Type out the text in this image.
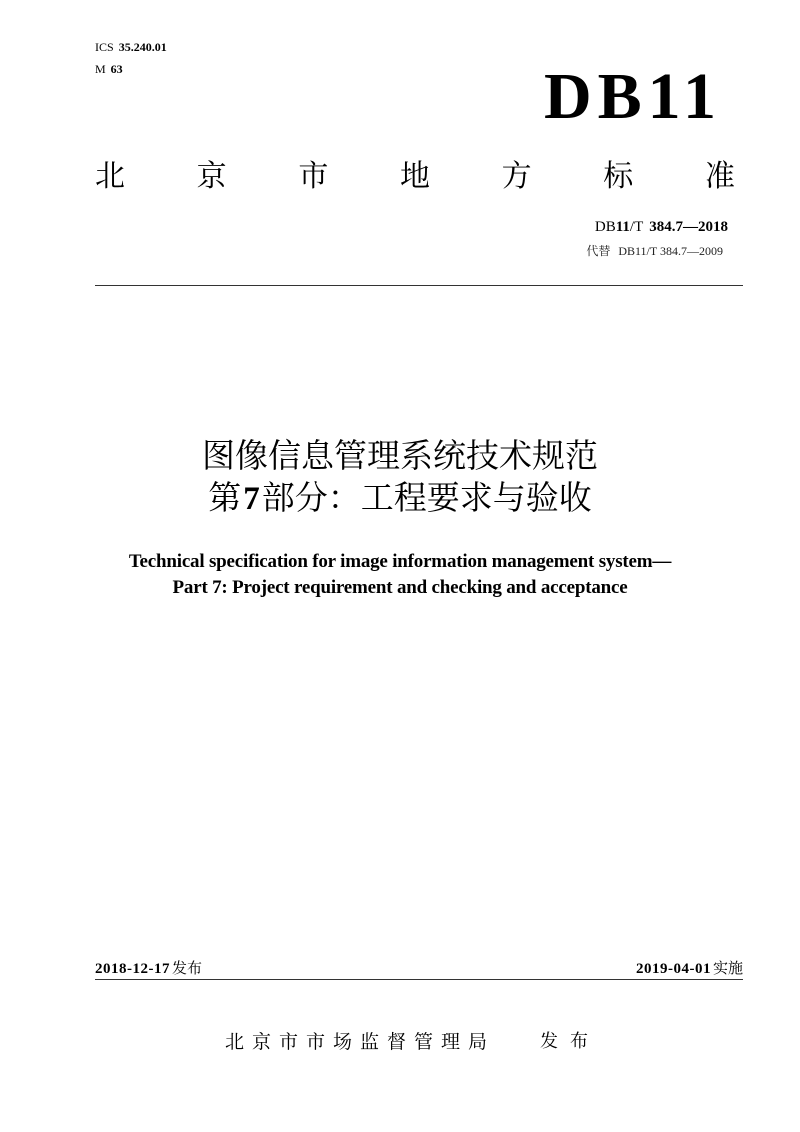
ICS 35.240.01
M 63	DB11
北 京 市 地 方 标 准
DB11/T 384.7—2018
代替 DB11/T 384.7—2009
图像信息管理系统技术规范
第7部分：工程要求与验收
Technical specification for image information management system—
Part 7: Project requirement and checking and acceptance
2018-12-17 发布	2019-04-01 实施
北京市市场监督管理局 发布
